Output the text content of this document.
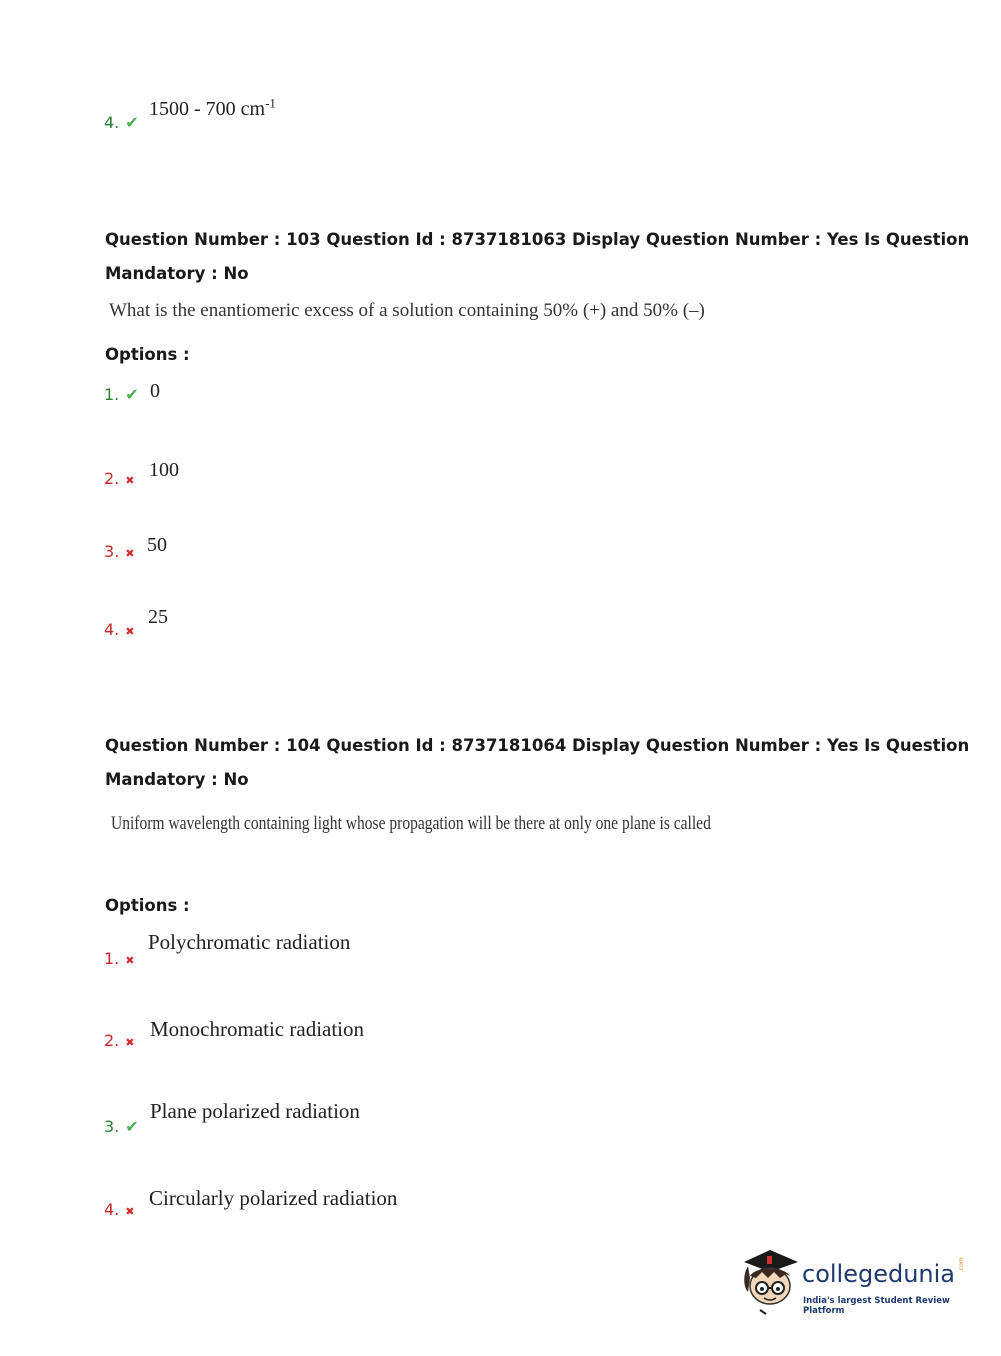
4. ✔
1500 - 700 $cm^{-1}$
Question Number : 103 Question Id : 8737181063 Display Question Number : Yes Is Question
Mandatory : No
What is the enantiomeric excess of a solution containing 50% (+) and 50% (–)
Options :
1. ✔ 0
2. ✖ 100
3. ✖ 50
4. ✖
25
Question Number : 104 Question Id : 8737181064 Display Question Number : Yes Is Question
Mandatory : No
Uniform wavelength containing light whose propagation will be there at only one plane is called
Options :
1. ✖
Polychromatic radiation
2. ✖
Monochromatic radiation
3. ✔
Plane polarized radiation
4. ✖
Circularly polarized radiation
collegedunia .com
India's largest Student Review Platform
